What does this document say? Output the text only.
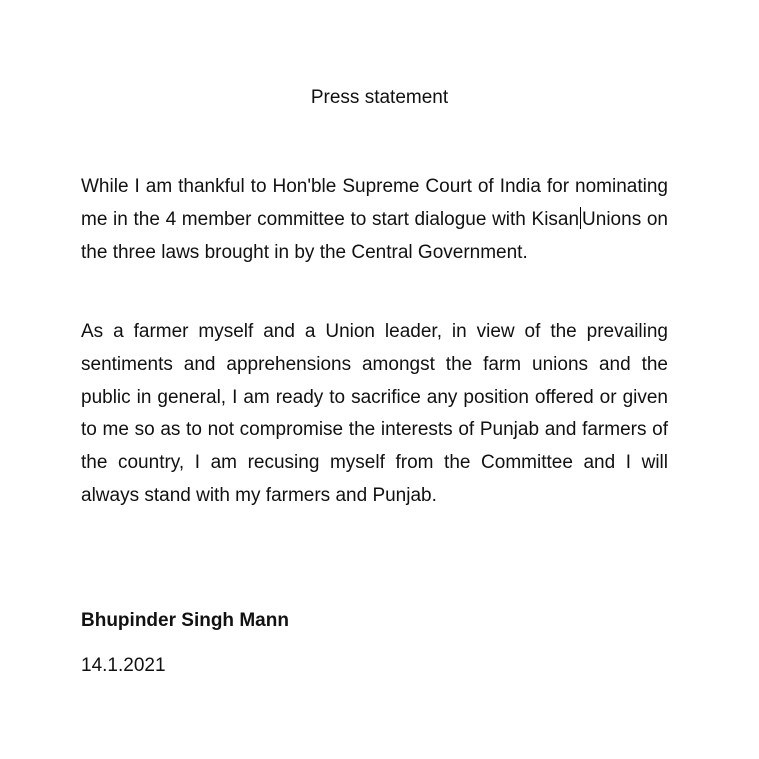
Press statement

While I am thankful to Hon'ble Supreme Court of India for nominating me in the 4 member committee to start dialogue with Kisan Unions on the three laws brought in by the Central Government.

As a farmer myself and a Union leader, in view of the prevailing sentiments and apprehensions amongst the farm unions and the public in general, I am ready to sacrifice any position offered or given to me so as to not compromise the interests of Punjab and farmers of the country, I am recusing myself from the Committee and I will always stand with my farmers and Punjab.

Bhupinder Singh Mann

14.1.2021
